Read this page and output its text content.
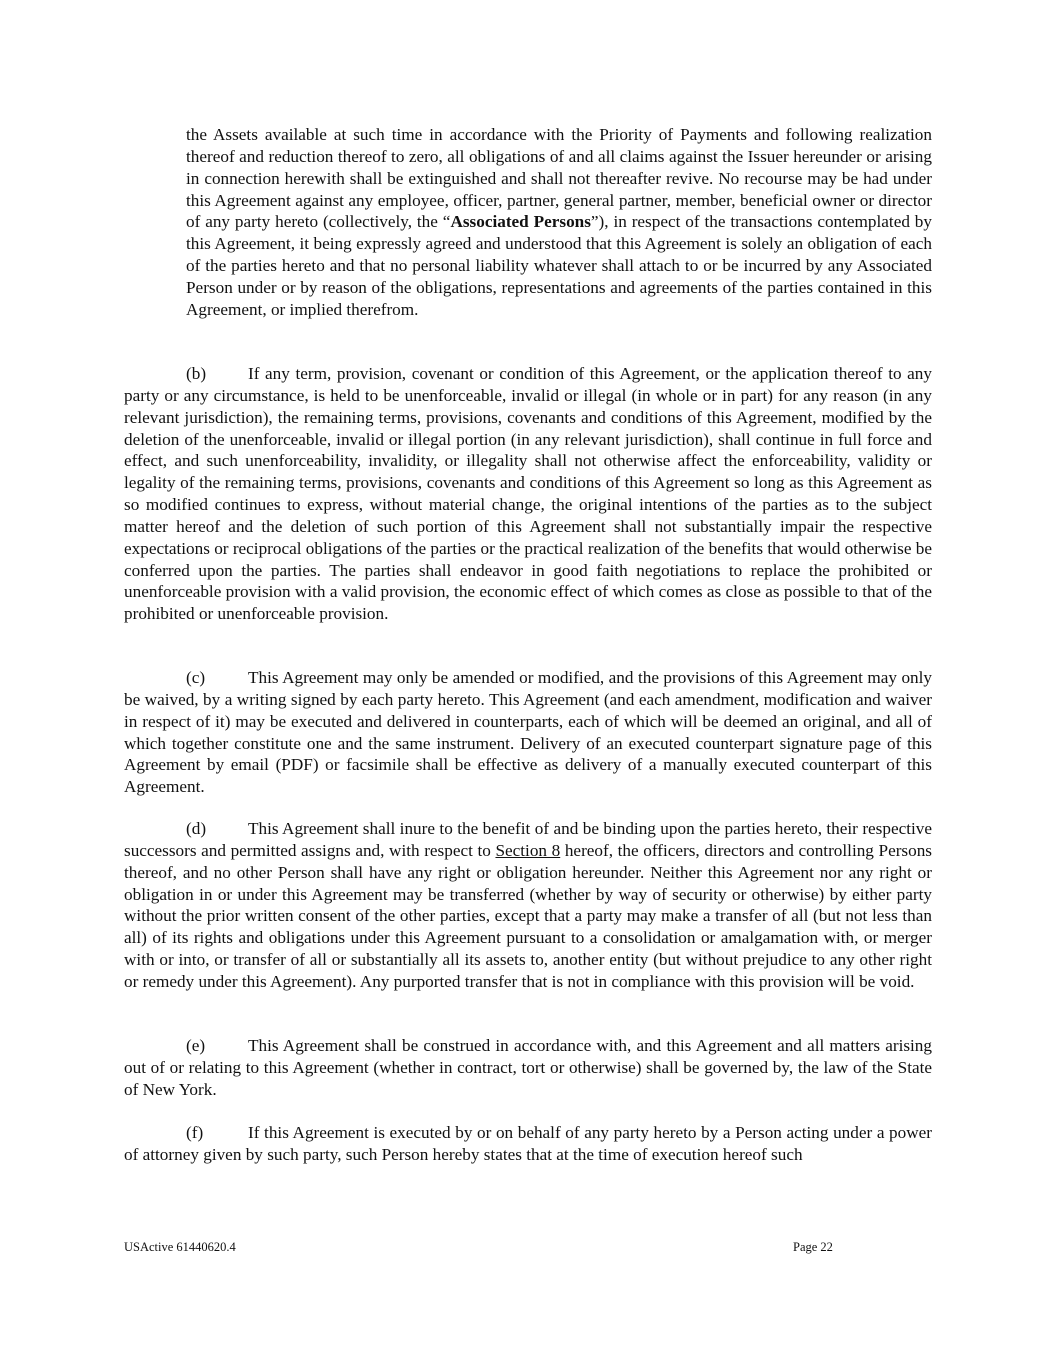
the Assets available at such time in accordance with the Priority of Payments and following realization thereof and reduction thereof to zero, all obligations of and all claims against the Issuer hereunder or arising in connection herewith shall be extinguished and shall not thereafter revive. No recourse may be had under this Agreement against any employee, officer, partner, general partner, member, beneficial owner or director of any party hereto (collectively, the “Associated Persons”), in respect of the transactions contemplated by this Agreement, it being expressly agreed and understood that this Agreement is solely an obligation of each of the parties hereto and that no personal liability whatever shall attach to or be incurred by any Associated Person under or by reason of the obligations, representations and agreements of the parties contained in this Agreement, or implied therefrom.

(b) If any term, provision, covenant or condition of this Agreement, or the application thereof to any party or any circumstance, is held to be unenforceable, invalid or illegal (in whole or in part) for any reason (in any relevant jurisdiction), the remaining terms, provisions, covenants and conditions of this Agreement, modified by the deletion of the unenforceable, invalid or illegal portion (in any relevant jurisdiction), shall continue in full force and effect, and such unenforceability, invalidity, or illegality shall not otherwise affect the enforceability, validity or legality of the remaining terms, provisions, covenants and conditions of this Agreement so long as this Agreement as so modified continues to express, without material change, the original intentions of the parties as to the subject matter hereof and the deletion of such portion of this Agreement shall not substantially impair the respective expectations or reciprocal obligations of the parties or the practical realization of the benefits that would otherwise be conferred upon the parties. The parties shall endeavor in good faith negotiations to replace the prohibited or unenforceable provision with a valid provision, the economic effect of which comes as close as possible to that of the prohibited or unenforceable provision.

(c) This Agreement may only be amended or modified, and the provisions of this Agreement may only be waived, by a writing signed by each party hereto. This Agreement (and each amendment, modification and waiver in respect of it) may be executed and delivered in counterparts, each of which will be deemed an original, and all of which together constitute one and the same instrument. Delivery of an executed counterpart signature page of this Agreement by email (PDF) or facsimile shall be effective as delivery of a manually executed counterpart of this Agreement.

(d) This Agreement shall inure to the benefit of and be binding upon the parties hereto, their respective successors and permitted assigns and, with respect to Section 8 hereof, the officers, directors and controlling Persons thereof, and no other Person shall have any right or obligation hereunder. Neither this Agreement nor any right or obligation in or under this Agreement may be transferred (whether by way of security or otherwise) by either party without the prior written consent of the other parties, except that a party may make a transfer of all (but not less than all) of its rights and obligations under this Agreement pursuant to a consolidation or amalgamation with, or merger with or into, or transfer of all or substantially all its assets to, another entity (but without prejudice to any other right or remedy under this Agreement). Any purported transfer that is not in compliance with this provision will be void.

(e) This Agreement shall be construed in accordance with, and this Agreement and all matters arising out of or relating to this Agreement (whether in contract, tort or otherwise) shall be governed by, the law of the State of New York.

(f)	If this Agreement is executed by or on behalf of any party hereto by a Person acting under a power of attorney given by such party, such Person hereby states that at the time of execution hereof such

USActive 61440620.4	Page 22
